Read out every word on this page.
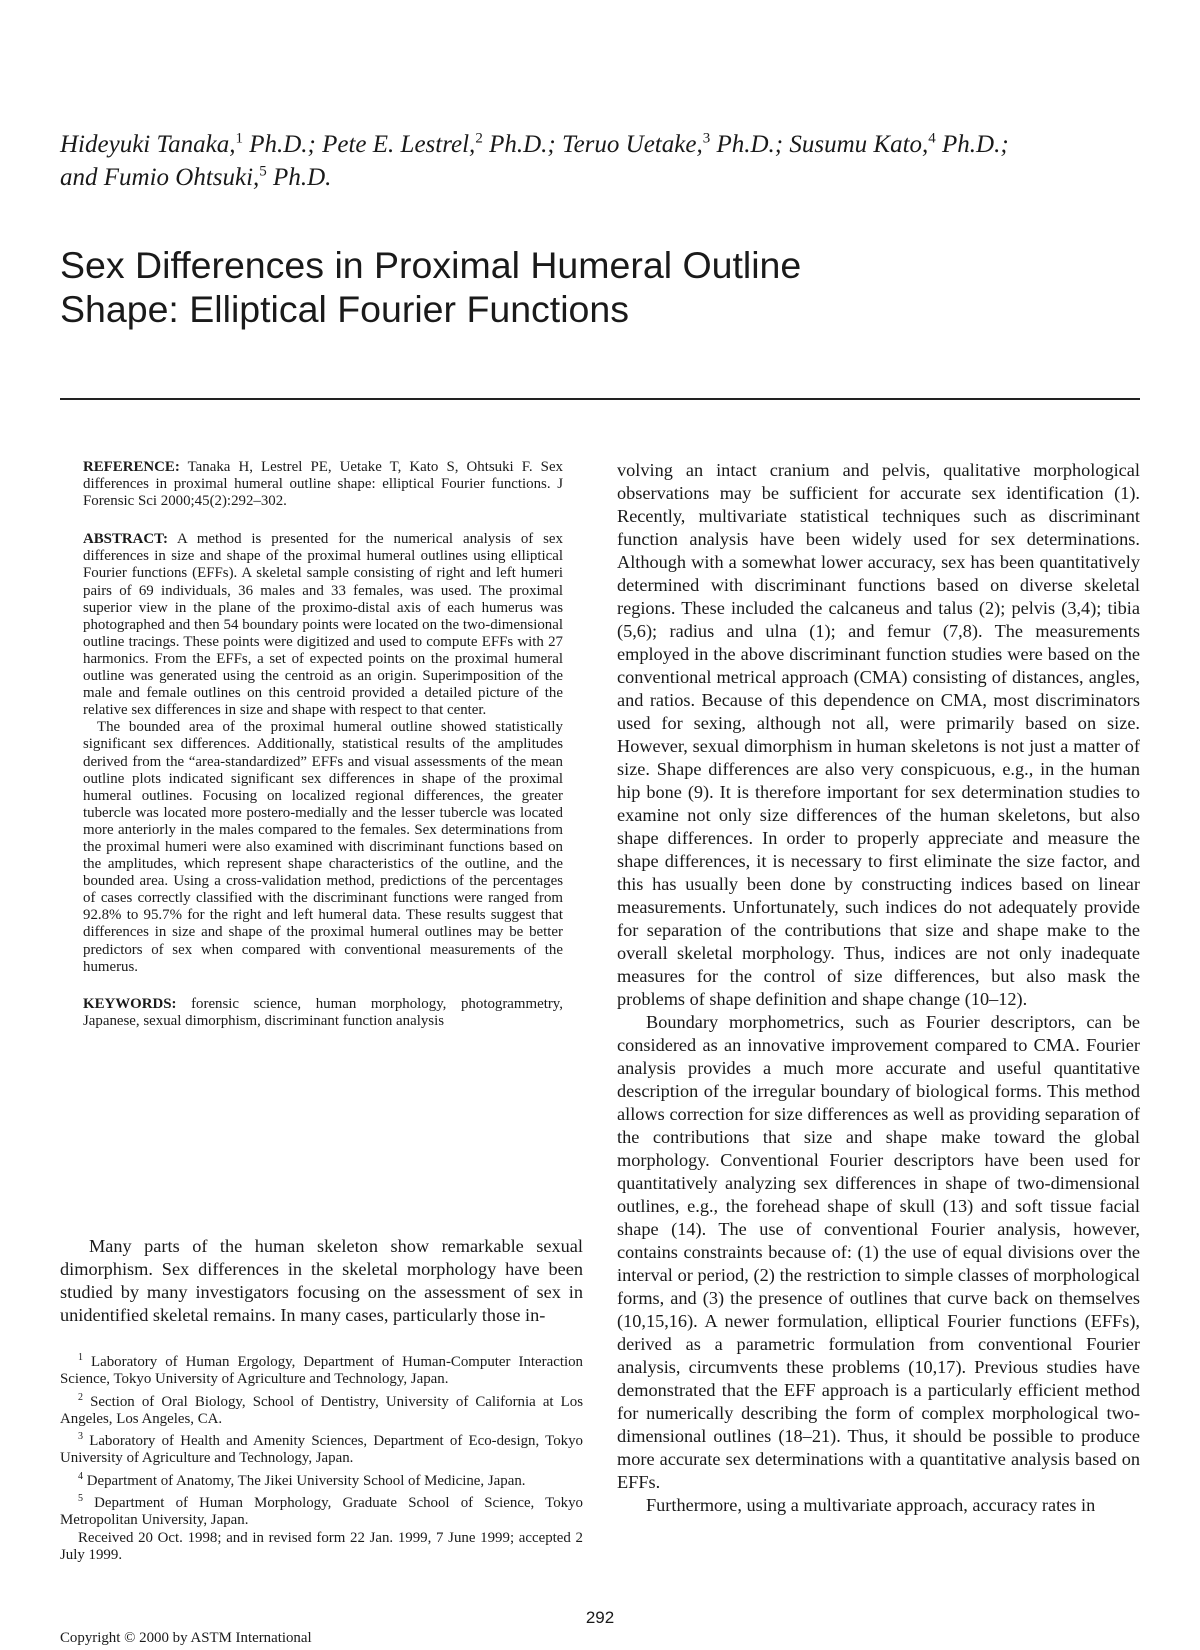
Hideyuki Tanaka,$^1$ Ph.D.; Pete E. Lestrel,$^2$ Ph.D.; Teruo Uetake,$^3$ Ph.D.; Susumu Kato,$^4$ Ph.D.; and Fumio Ohtsuki,$^5$ Ph.D.
Sex Differences in Proximal Humeral Outline
Shape: Elliptical Fourier Functions

REFERENCE: Tanaka H, Lestrel PE, Uetake T, Kato S, Ohtsuki F. Sex differences in proximal humeral outline shape: elliptical Fourier functions. J Forensic Sci 2000;45(2):292–302.

ABSTRACT: A method is presented for the numerical analysis of sex differences in size and shape of the proximal humeral outlines using elliptical Fourier functions (EFFs). A skeletal sample consisting of right and left humeri pairs of 69 individuals, 36 males and 33 females, was used. The proximal superior view in the plane of the proximo-distal axis of each humerus was photographed and then 54 boundary points were located on the two-dimensional outline tracings. These points were digitized and used to compute EFFs with 27 harmonics. From the EFFs, a set of expected points on the proximal humeral outline was generated using the centroid as an origin. Superimposition of the male and female outlines on this centroid provided a detailed picture of the relative sex differences in size and shape with respect to that center.

The bounded area of the proximal humeral outline showed statistically significant sex differences. Additionally, statistical results of the amplitudes derived from the “area-standardized” EFFs and visual assessments of the mean outline plots indicated significant sex differences in shape of the proximal humeral outlines. Focusing on localized regional differences, the greater tubercle was located more postero-medially and the lesser tubercle was located more anteriorly in the males compared to the females. Sex determinations from the proximal humeri were also examined with discriminant functions based on the amplitudes, which represent shape characteristics of the outline, and the bounded area. Using a cross-validation method, predictions of the percentages of cases correctly classified with the discriminant functions were ranged from 92.8% to 95.7% for the right and left humeral data. These results suggest that differences in size and shape of the proximal humeral outlines may be better predictors of sex when compared with conventional measurements of the humerus.

KEYWORDS: forensic science, human morphology, photogrammetry, Japanese, sexual dimorphism, discriminant function analysis

Many parts of the human skeleton show remarkable sexual dimorphism. Sex differences in the skeletal morphology have been studied by many investigators focusing on the assessment of sex in unidentified skeletal remains. In many cases, particularly those in-

$^1$ Laboratory of Human Ergology, Department of Human-Computer Interaction Science, Tokyo University of Agriculture and Technology, Japan.

$^2$ Section of Oral Biology, School of Dentistry, University of California at Los Angeles, Los Angeles, CA.

$^3$ Laboratory of Health and Amenity Sciences, Department of Eco-design, Tokyo University of Agriculture and Technology, Japan.

$^4$ Department of Anatomy, The Jikei University School of Medicine, Japan.

$^5$ Department of Human Morphology, Graduate School of Science, Tokyo Metropolitan University, Japan.

Received 20 Oct. 1998; and in revised form 22 Jan. 1999, 7 June 1999; accepted 2 July 1999.

volving an intact cranium and pelvis, qualitative morphological observations may be sufficient for accurate sex identification (1). Recently, multivariate statistical techniques such as discriminant function analysis have been widely used for sex determinations. Although with a somewhat lower accuracy, sex has been quantitatively determined with discriminant functions based on diverse skeletal regions. These included the calcaneus and talus (2); pelvis (3,4); tibia (5,6); radius and ulna (1); and femur (7,8). The measurements employed in the above discriminant function studies were based on the conventional metrical approach (CMA) consisting of distances, angles, and ratios. Because of this dependence on CMA, most discriminators used for sexing, although not all, were primarily based on size. However, sexual dimorphism in human skeletons is not just a matter of size. Shape differences are also very conspicuous, e.g., in the human hip bone (9). It is therefore important for sex determination studies to examine not only size differences of the human skeletons, but also shape differences. In order to properly appreciate and measure the shape differences, it is necessary to first eliminate the size factor, and this has usually been done by constructing indices based on linear measurements. Unfortunately, such indices do not adequately provide for separation of the contributions that size and shape make to the overall skeletal morphology. Thus, indices are not only inadequate measures for the control of size differences, but also mask the problems of shape definition and shape change (10–12).

Boundary morphometrics, such as Fourier descriptors, can be considered as an innovative improvement compared to CMA. Fourier analysis provides a much more accurate and useful quantitative description of the irregular boundary of biological forms. This method allows correction for size differences as well as providing separation of the contributions that size and shape make toward the global morphology. Conventional Fourier descriptors have been used for quantitatively analyzing sex differences in shape of two-dimensional outlines, e.g., the forehead shape of skull (13) and soft tissue facial shape (14). The use of conventional Fourier analysis, however, contains constraints because of: (1) the use of equal divisions over the interval or period, (2) the restriction to simple classes of morphological forms, and (3) the presence of outlines that curve back on themselves (10,15,16). A newer formulation, elliptical Fourier functions (EFFs), derived as a parametric formulation from conventional Fourier analysis, circumvents these problems (10,17). Previous studies have demonstrated that the EFF approach is a particularly efficient method for numerically describing the form of complex morphological two-dimensional outlines (18–21). Thus, it should be possible to produce more accurate sex determinations with a quantitative analysis based on EFFs.

Furthermore, using a multivariate approach, accuracy rates in

292
Copyright © 2000 by ASTM International
